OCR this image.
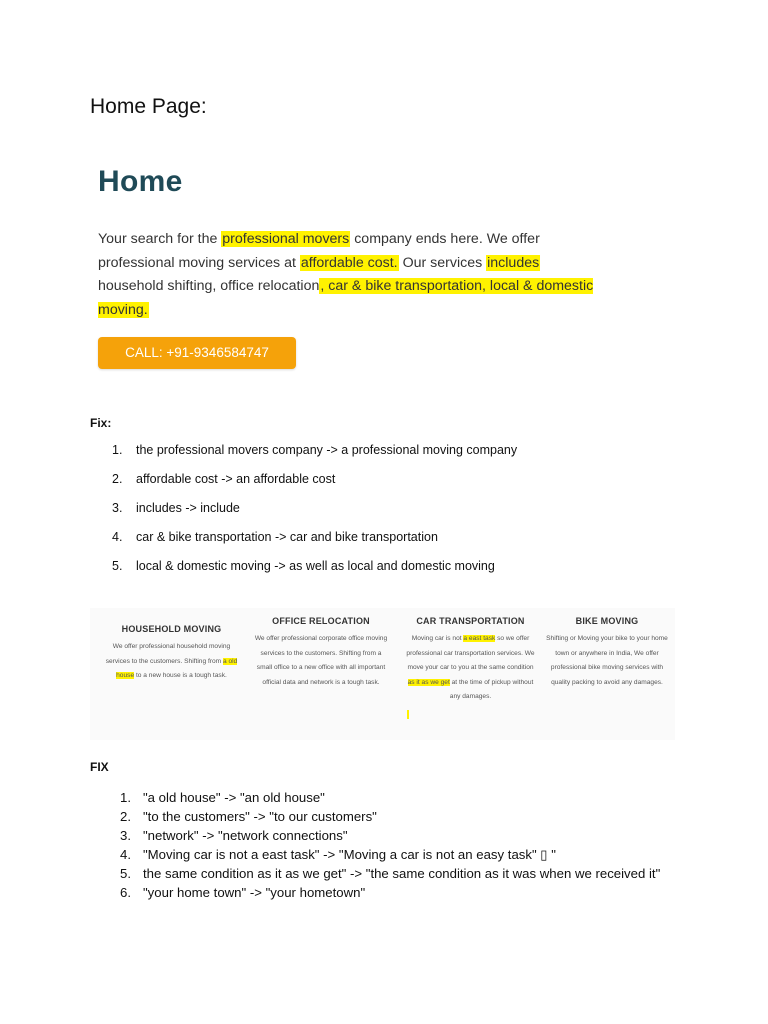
Home Page:
Home
Your search for the professional movers company ends here. We offer professional moving services at affordable cost. Our services includes household shifting, office relocation, car & bike transportation, local & domestic moving.
CALL: +91-9346584747
Fix:
1.	the professional movers company -> a professional moving company
2.	affordable cost -> an affordable cost
3.	includes -> include
4.	car & bike transportation -> car and bike transportation
5.	local & domestic moving -> as well as local and domestic moving
HOUSEHOLD MOVING
We offer professional household moving services to the customers. Shifting from a old house to a new house is a tough task.
OFFICE RELOCATION
We offer professional corporate office moving services to the customers. Shifting from a small office to a new office with all important official data and network is a tough task.
CAR TRANSPORTATION
Moving car is not a east task so we offer professional car transportation services. We move your car to you at the same condition as it as we get at the time of pickup without any damages.
BIKE MOVING
Shifting or Moving your bike to your home town or anywhere in India, We offer professional bike moving services with quality packing to avoid any damages.
FIX
1. "a old house" -> "an old house"
2. "to the customers" -> "to our customers"
3. "network" -> "network connections"
4. "Moving car is not a east task" -> "Moving a car is not an easy task" ▯ "
5. the same condition as it as we get" -> "the same condition as it was when we received it"
6. "your home town" -> "your hometown"
